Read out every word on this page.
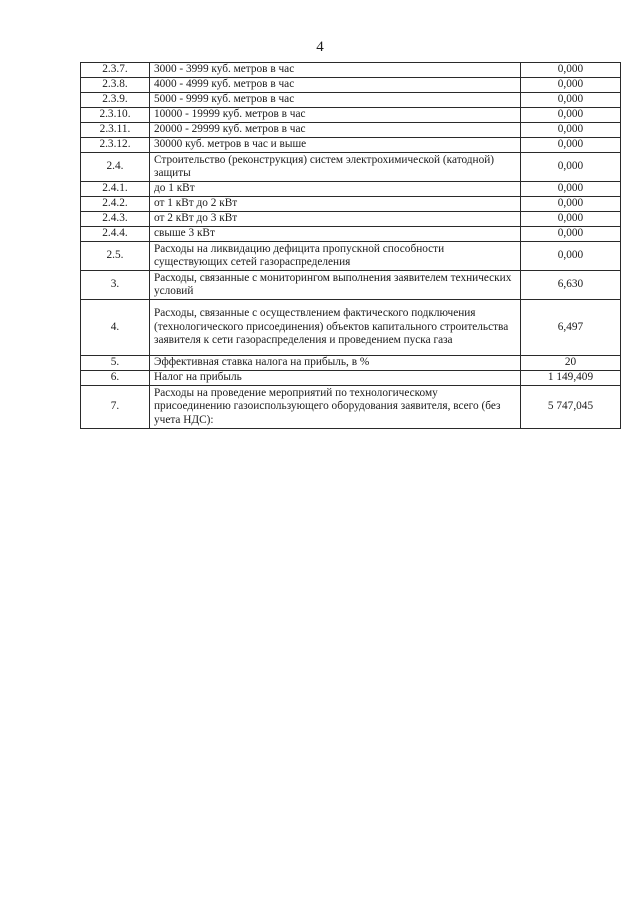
4
2.3.7.	3000 - 3999 куб. метров в час	0,000
2.3.8.	4000 - 4999 куб. метров в час	0,000
2.3.9.	5000 - 9999 куб. метров в час	0,000
2.3.10.	10000 - 19999 куб. метров в час	0,000
2.3.11.	20000 - 29999 куб. метров в час	0,000
2.3.12.	30000 куб. метров в час и выше	0,000
2.4.	Строительство (реконструкция) систем электрохимической (катодной) защиты	0,000
2.4.1.	до 1 кВт	0,000
2.4.2.	от 1 кВт до 2 кВт	0,000
2.4.3.	от 2 кВт до 3 кВт	0,000
2.4.4.	свыше 3 кВт	0,000
2.5.	Расходы на ликвидацию дефицита пропускной способности существующих сетей газораспределения	0,000
3.	Расходы, связанные с мониторингом выполнения заявителем технических условий	6,630
4.	Расходы, связанные с осуществлением фактического подключения (технологического присоединения) объектов капитального строительства заявителя к сети газораспределения и проведением пуска газа	6,497
5.	Эффективная ставка налога на прибыль, в %	20
6.	Налог на прибыль	1 149,409
7.	Расходы на проведение мероприятий по технологическому присоединению газоиспользующего оборудования заявителя, всего (без учета НДС):	5 747,045
